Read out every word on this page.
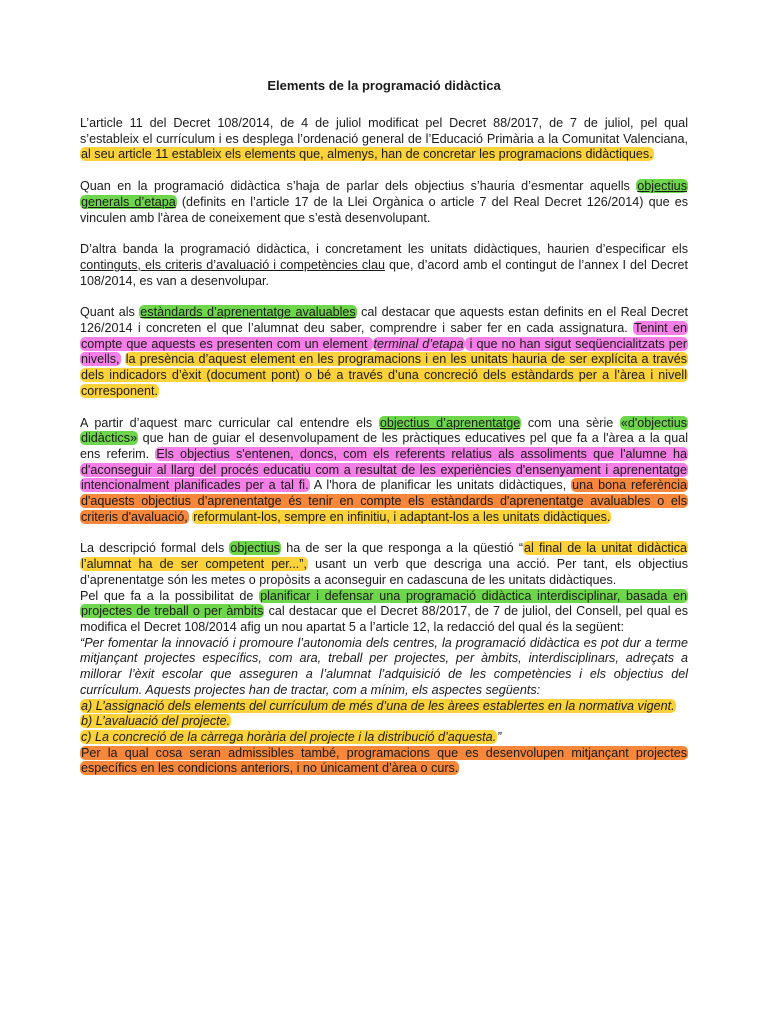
Elements de la programació didàctica

L’article 11 del Decret 108/2014, de 4 de juliol modificat pel Decret 88/2017, de 7 de juliol, pel qual s’estableix el currículum i es desplega l’ordenació general de l’Educació Primària a la Comunitat Valenciana, al seu article 11 estableix els elements que, almenys, han de concretar les programacions didàctiques.

Quan en la programació didàctica s’haja de parlar dels objectius s’hauria d’esmentar aquells objectius generals d’etapa (definits en l’article 17 de la Llei Orgànica o article 7 del Real Decret 126/2014) que es vinculen amb l'àrea de coneixement que s’està desenvolupant.

D’altra banda la programació didàctica, i concretament les unitats didàctiques, haurien d’especificar els continguts, els criteris d’avaluació i competències clau que, d’acord amb el contingut de l’annex I del Decret 108/2014, es van a desenvolupar.

Quant als estàndards d’aprenentatge avaluables cal destacar que aquests estan definits en el Real Decret 126/2014 i concreten el que l’alumnat deu saber, comprendre i saber fer en cada assignatura. Tenint en compte que aquests es presenten com un element terminal d’etapa i que no han sigut seqüencialitzats per nivells, la presència d’aquest element en les programacions i en les unitats hauria de ser explícita a través dels indicadors d’èxit (document pont) o bé a través d’una concreció dels estàndards per a l’àrea i nivell corresponent.

A partir d’aquest marc curricular cal entendre els objectius d’aprenentatge com una sèrie «d'objectius didàctics» que han de guiar el desenvolupament de les pràctiques educatives pel que fa a l'àrea a la qual ens referim. Els objectius s'entenen, doncs, com els referents relatius als assoliments que l'alumne ha d'aconseguir al llarg del procés educatiu com a resultat de les experiències d'ensenyament i aprenentatge intencionalment planificades per a tal fi. A l'hora de planificar les unitats didàctiques, una bona referència d'aquests objectius d’aprenentatge és tenir en compte els estàndards d'aprenentatge avaluables o els criteris d'avaluació, reformulant-los, sempre en infinitiu, i adaptant-los a les unitats didàctiques.

La descripció formal dels objectius ha de ser la que responga a la qüestió “al final de la unitat didàctica l’alumnat ha de ser competent per...”, usant un verb que descriga una acció. Per tant, els objectius d’aprenentatge són les metes o propòsits a aconseguir en cadascuna de les unitats didàctiques.

Pel que fa a la possibilitat de planificar i defensar una programació didàctica interdisciplinar, basada en projectes de treball o per àmbits cal destacar que el Decret 88/2017, de 7 de juliol, del Consell, pel qual es modifica el Decret 108/2014 afig un nou apartat 5 a l’article 12, la redacció del qual és la següent:

“Per fomentar la innovació i promoure l’autonomia dels centres, la programació didàctica es pot dur a terme mitjançant projectes específics, com ara, treball per projectes, per àmbits, interdisciplinars, adreçats a millorar l’èxit escolar que asseguren a l’alumnat l’adquisició de les competències i els objectius del currículum. Aquests projectes han de tractar, com a mínim, els aspectes següents:

a) L’assignació dels elements del currículum de més d’una de les àrees establertes en la normativa vigent.

b) L’avaluació del projecte.

c) La concreció de la càrrega horària del projecte i la distribució d’aquesta.”

Per la qual cosa seran admissibles també, programacions que es desenvolupen mitjançant projectes específics en les condicions anteriors, i no únicament d’àrea o curs.
